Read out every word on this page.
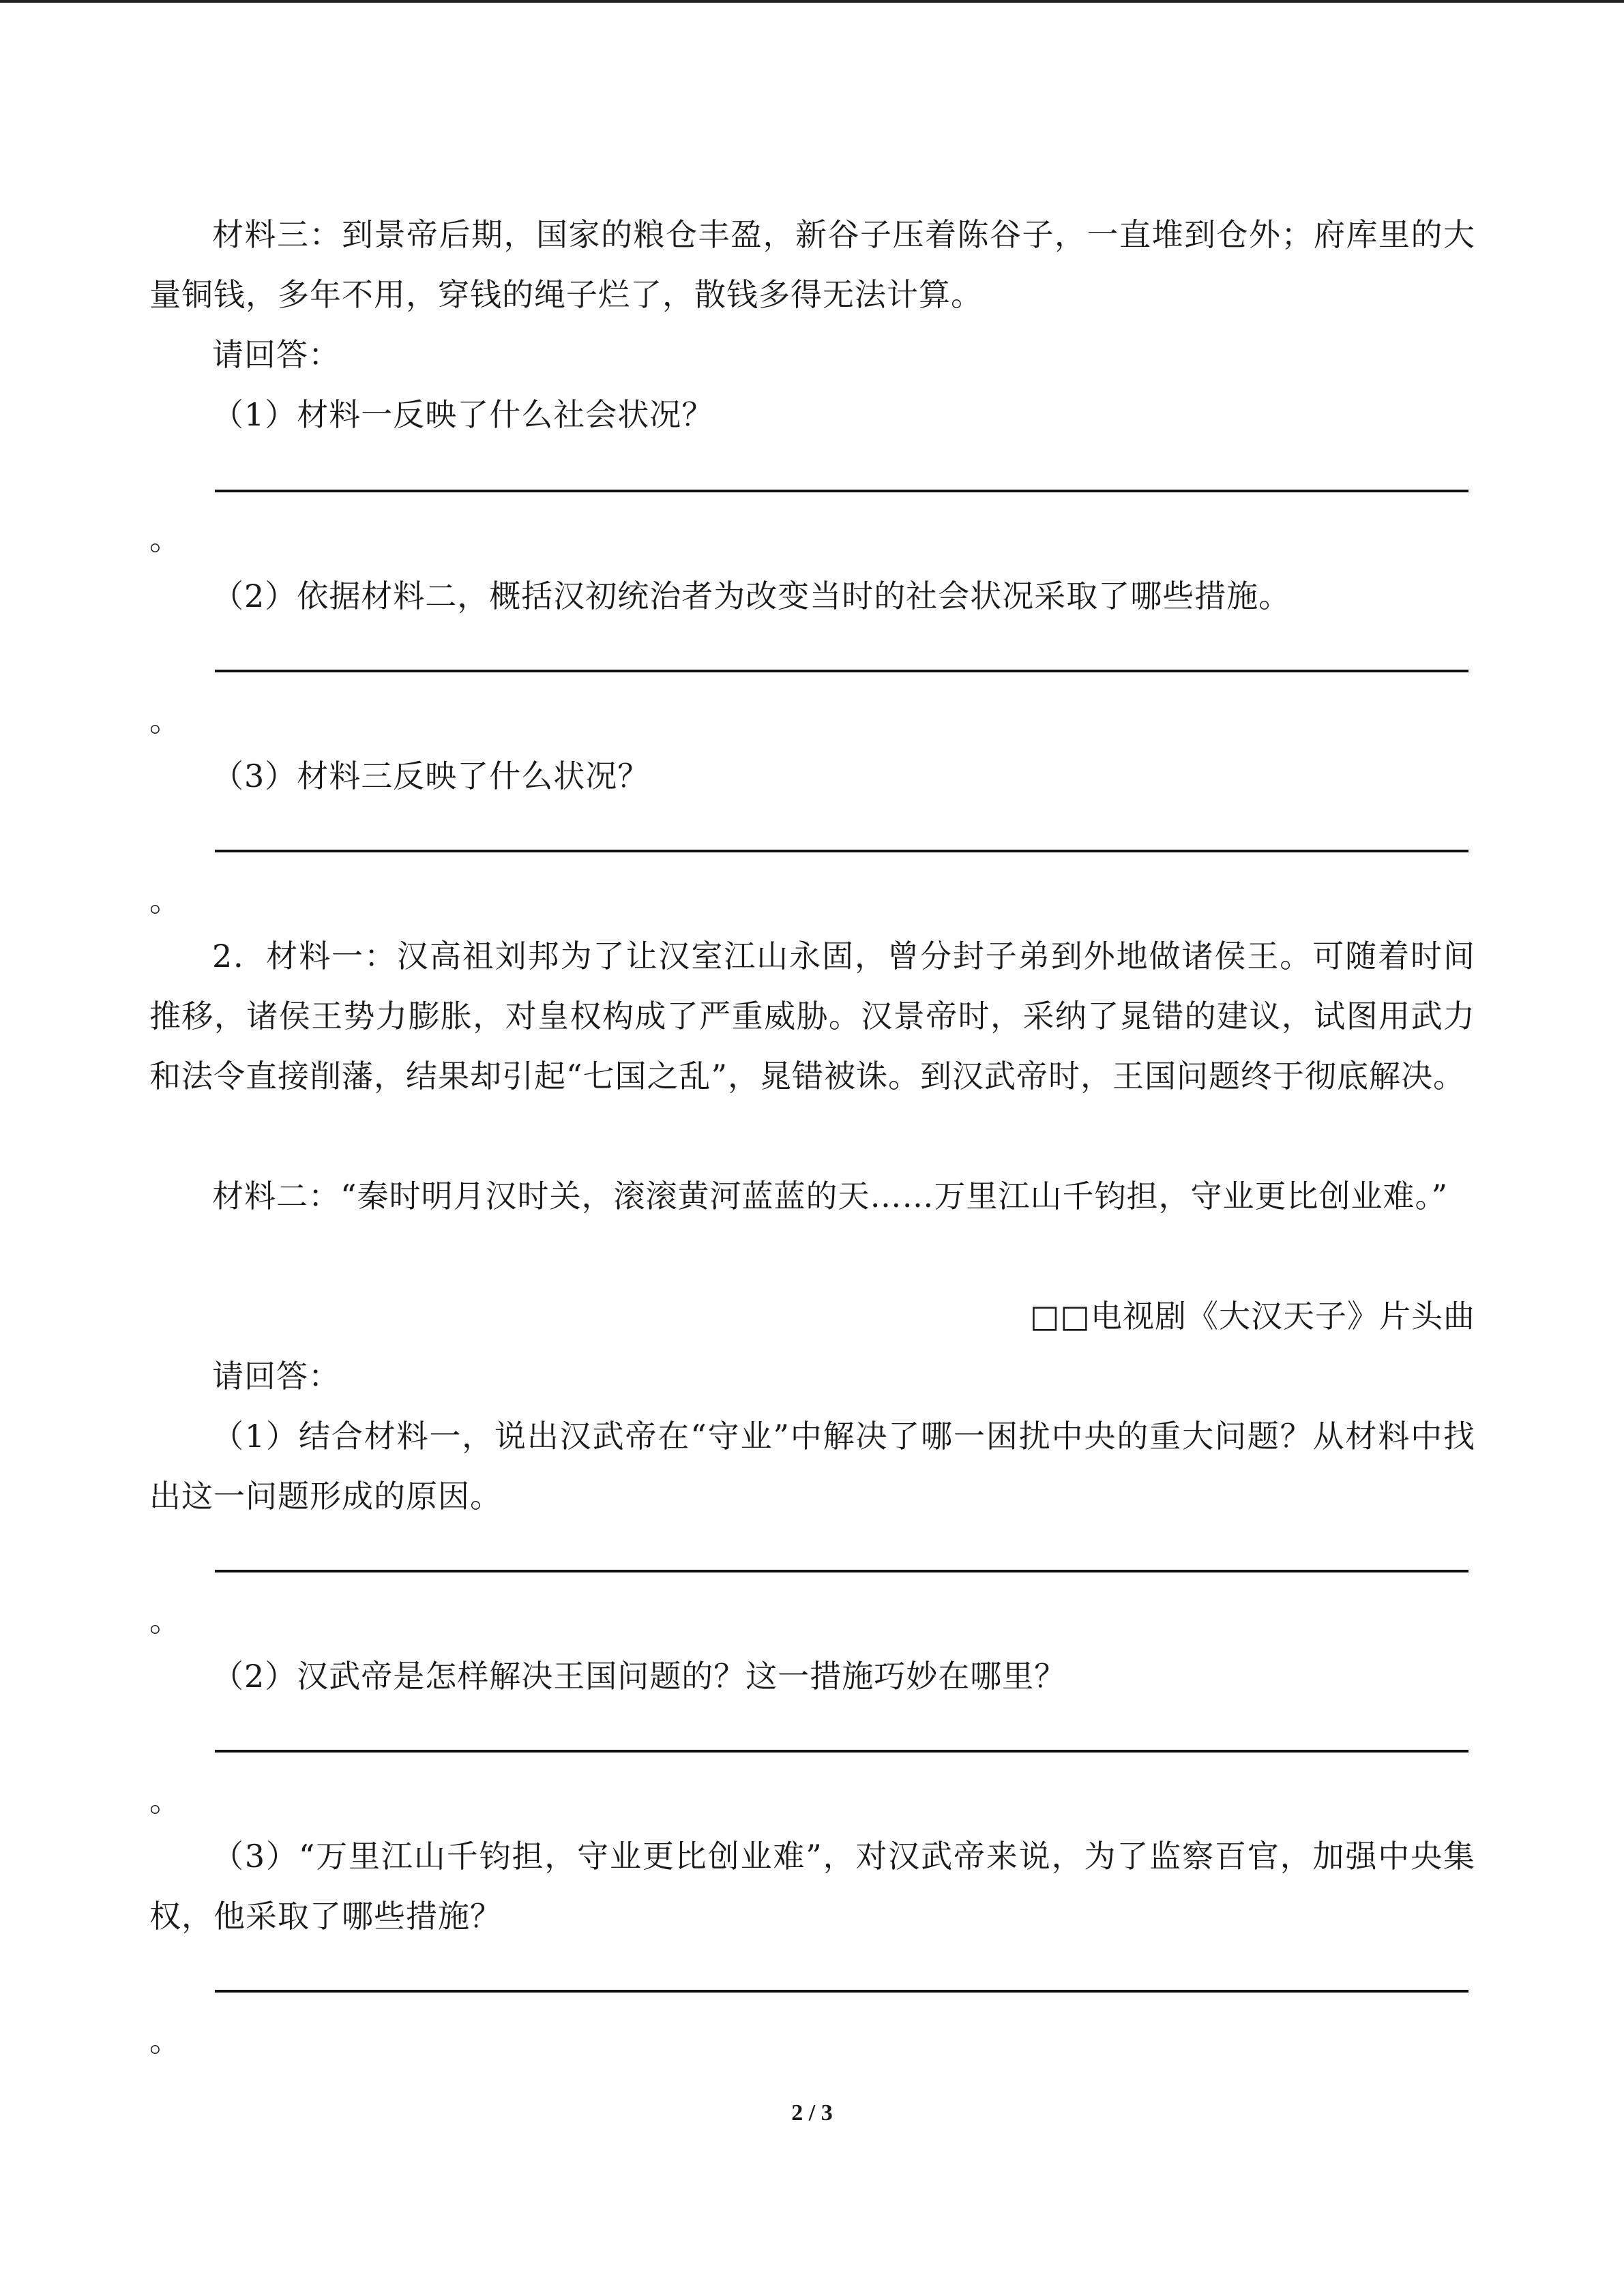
材料三：到景帝后期，国家的粮仓丰盈，新谷子压着陈谷子，一直堆到仓外；府库里的大量铜钱，多年不用，穿钱的绳子烂了，散钱多得无法计算。

请回答：

（1）材料一反映了什么社会状况？

。

（2）依据材料二，概括汉初统治者为改变当时的社会状况采取了哪些措施。

。

（3）材料三反映了什么状况？

。

2．材料一：汉高祖刘邦为了让汉室江山永固，曾分封子弟到外地做诸侯王。可随着时间推移，诸侯王势力膨胀，对皇权构成了严重威胁。汉景帝时，采纳了晁错的建议，试图用武力和法令直接削藩，结果却引起“七国之乱”，晁错被诛。到汉武帝时，王国问题终于彻底解决。

材料二：“秦时明月汉时关，滚滚黄河蓝蓝的天……万里江山千钧担，守业更比创业难。”

□□电视剧《大汉天子》片头曲

请回答：

（1）结合材料一，说出汉武帝在“守业”中解决了哪一困扰中央的重大问题？从材料中找出这一问题形成的原因。

。

（2）汉武帝是怎样解决王国问题的？这一措施巧妙在哪里？

。

（3）“万里江山千钧担，守业更比创业难”，对汉武帝来说，为了监察百官，加强中央集权，他采取了哪些措施？

。

2 / 3
